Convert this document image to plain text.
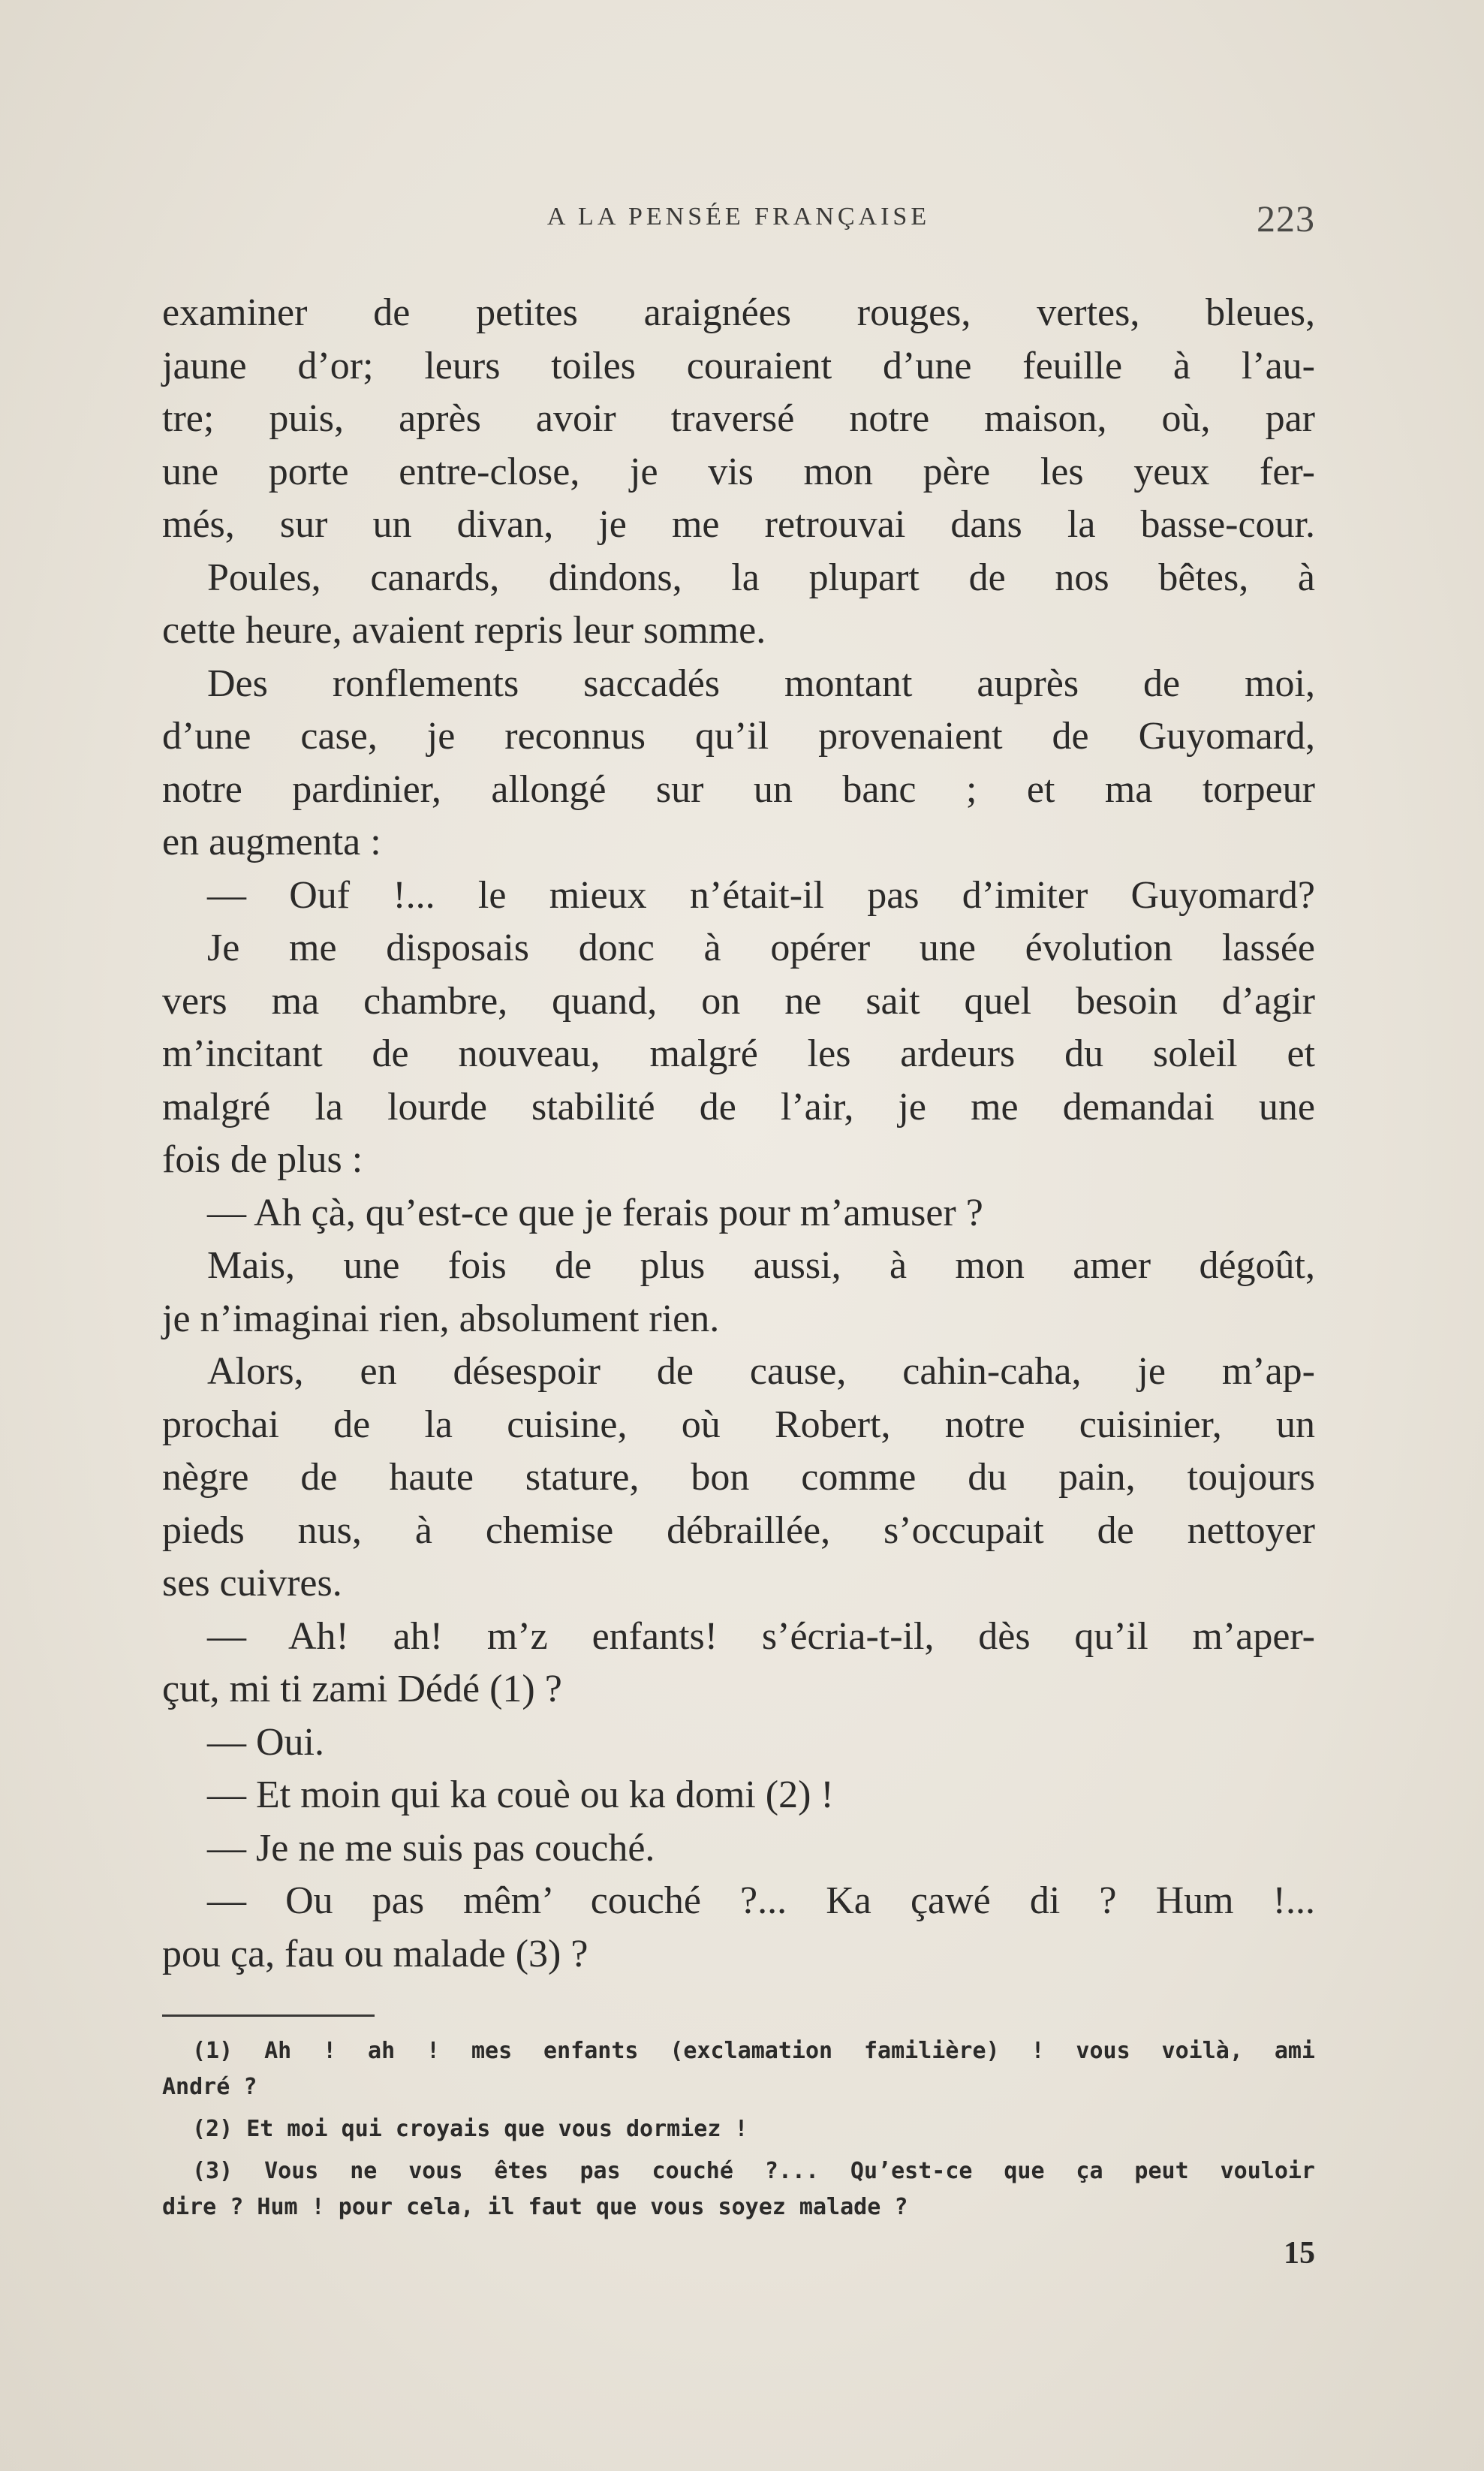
A LA PENSÉE FRANÇAISE	223
examiner de petites araignées rouges, vertes, bleues,
jaune d’or; leurs toiles couraient d’une feuille à l’au-
tre; puis, après avoir traversé notre maison, où, par
une porte entre-close, je vis mon père les yeux fer-
més, sur un divan, je me retrouvai dans la basse-cour.
Poules, canards, dindons, la plupart de nos bêtes, à
cette heure, avaient repris leur somme.
Des ronflements saccadés montant auprès de moi,
d’une case, je reconnus qu’il provenaient de Guyomard,
notre pardinier, allongé sur un banc ; et ma torpeur
en augmenta :
— Ouf !... le mieux n’était-il pas d’imiter Guyomard?
Je me disposais donc à opérer une évolution lassée
vers ma chambre, quand, on ne sait quel besoin d’agir
m’incitant de nouveau, malgré les ardeurs du soleil et
malgré la lourde stabilité de l’air, je me demandai une
fois de plus :
— Ah çà, qu’est-ce que je ferais pour m’amuser ?
Mais, une fois de plus aussi, à mon amer dégoût,
je n’imaginai rien, absolument rien.
Alors, en désespoir de cause, cahin-caha, je m’ap-
prochai de la cuisine, où Robert, notre cuisinier, un
nègre de haute stature, bon comme du pain, toujours
pieds nus, à chemise débraillée, s’occupait de nettoyer
ses cuivres.
— Ah! ah! m’z enfants! s’écria-t-il, dès qu’il m’aper-
çut, mi ti zami Dédé (1) ?
— Oui.
— Et moin qui ka couè ou ka domi (2) !
— Je ne me suis pas couché.
— Ou pas mêm’ couché ?... Ka çawé di ? Hum !...
pou ça, fau ou malade (3) ?
(1) Ah ! ah ! mes enfants (exclamation familière) ! vous voilà, ami
André ?
(2) Et moi qui croyais que vous dormiez !
(3) Vous ne vous êtes pas couché ?... Qu’est-ce que ça peut vouloir
dire ? Hum ! pour cela, il faut que vous soyez malade ?
15
